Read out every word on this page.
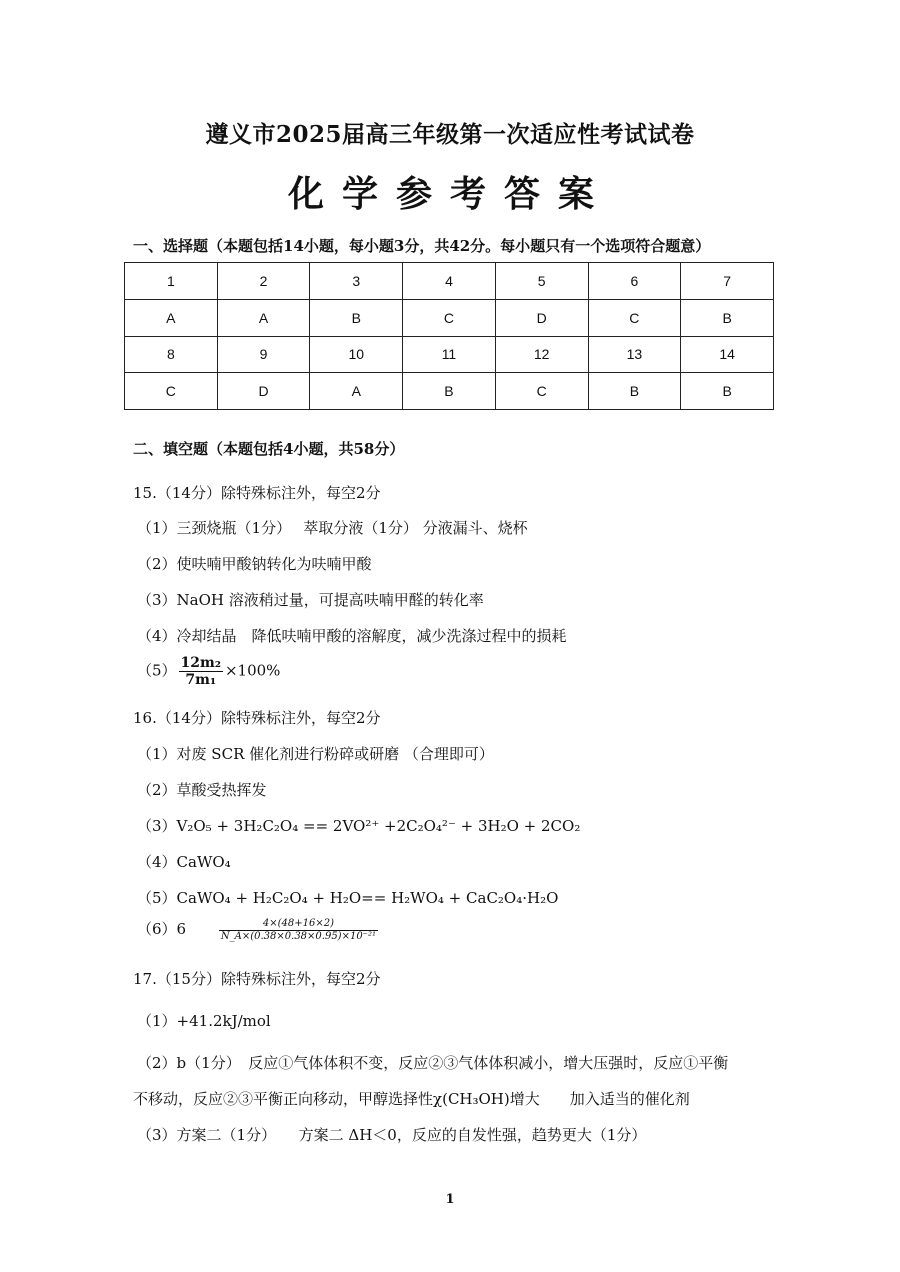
遵义市2025届高三年级第一次适应性考试试卷
化学参考答案
一、选择题（本题包括14小题，每小题3分，共42分。每小题只有一个选项符合题意）
1	2	3	4	5	6	7
A	A	B	C	D	C	B
8	9	10	11	12	13	14
C	D	A	B	C	B	B
二、填空题（本题包括4小题，共58分）
15.（14分）除特殊标注外，每空2分
（1）三颈烧瓶（1分）　 萃取分液（1分） 分液漏斗、烧杯
（2）使呋喃甲酸钠转化为呋喃甲酸
（3）NaOH 溶液稍过量，可提高呋喃甲醛的转化率
（4）冷却结晶　降低呋喃甲酸的溶解度，减少洗涤过程中的损耗
$(5) \frac{\text{12m₂}}{\text{7m₁}} \times 100\%$
16.（14分）除特殊标注外，每空2分
（1）对废 SCR 催化剂进行粉碎或研磨 （合理即可）
（2）草酸受热挥发
（3）V₂O₅ + 3H₂C₂O₄ == 2VO²⁺ +2C₂O₄²⁻ + 3H₂O + 2CO₂
（4）CaWO₄
（5）CaWO₄ + H₂C₂O₄ + H₂O== H₂WO₄ + CaC₂O₄·H₂O
（6）6	$\frac{4\times(48+16\times 2)}{\text{N\_A×(0.38×0.38×0.95)×10⁻²¹}}$
17.（15分）除特殊标注外，每空2分
（1）+41.2kJ/mol
（2）b（1分）　反应①气体体积不变，反应②③气体体积减小，增大压强时，反应①平衡
不移动，反应②③平衡正向移动，甲醇选择性χ(CH₃OH)增大　　加入适当的催化剂
（3）方案二（1分）　　方案二 ΔH＜0，反应的自发性强，趋势更大（1分）
1
